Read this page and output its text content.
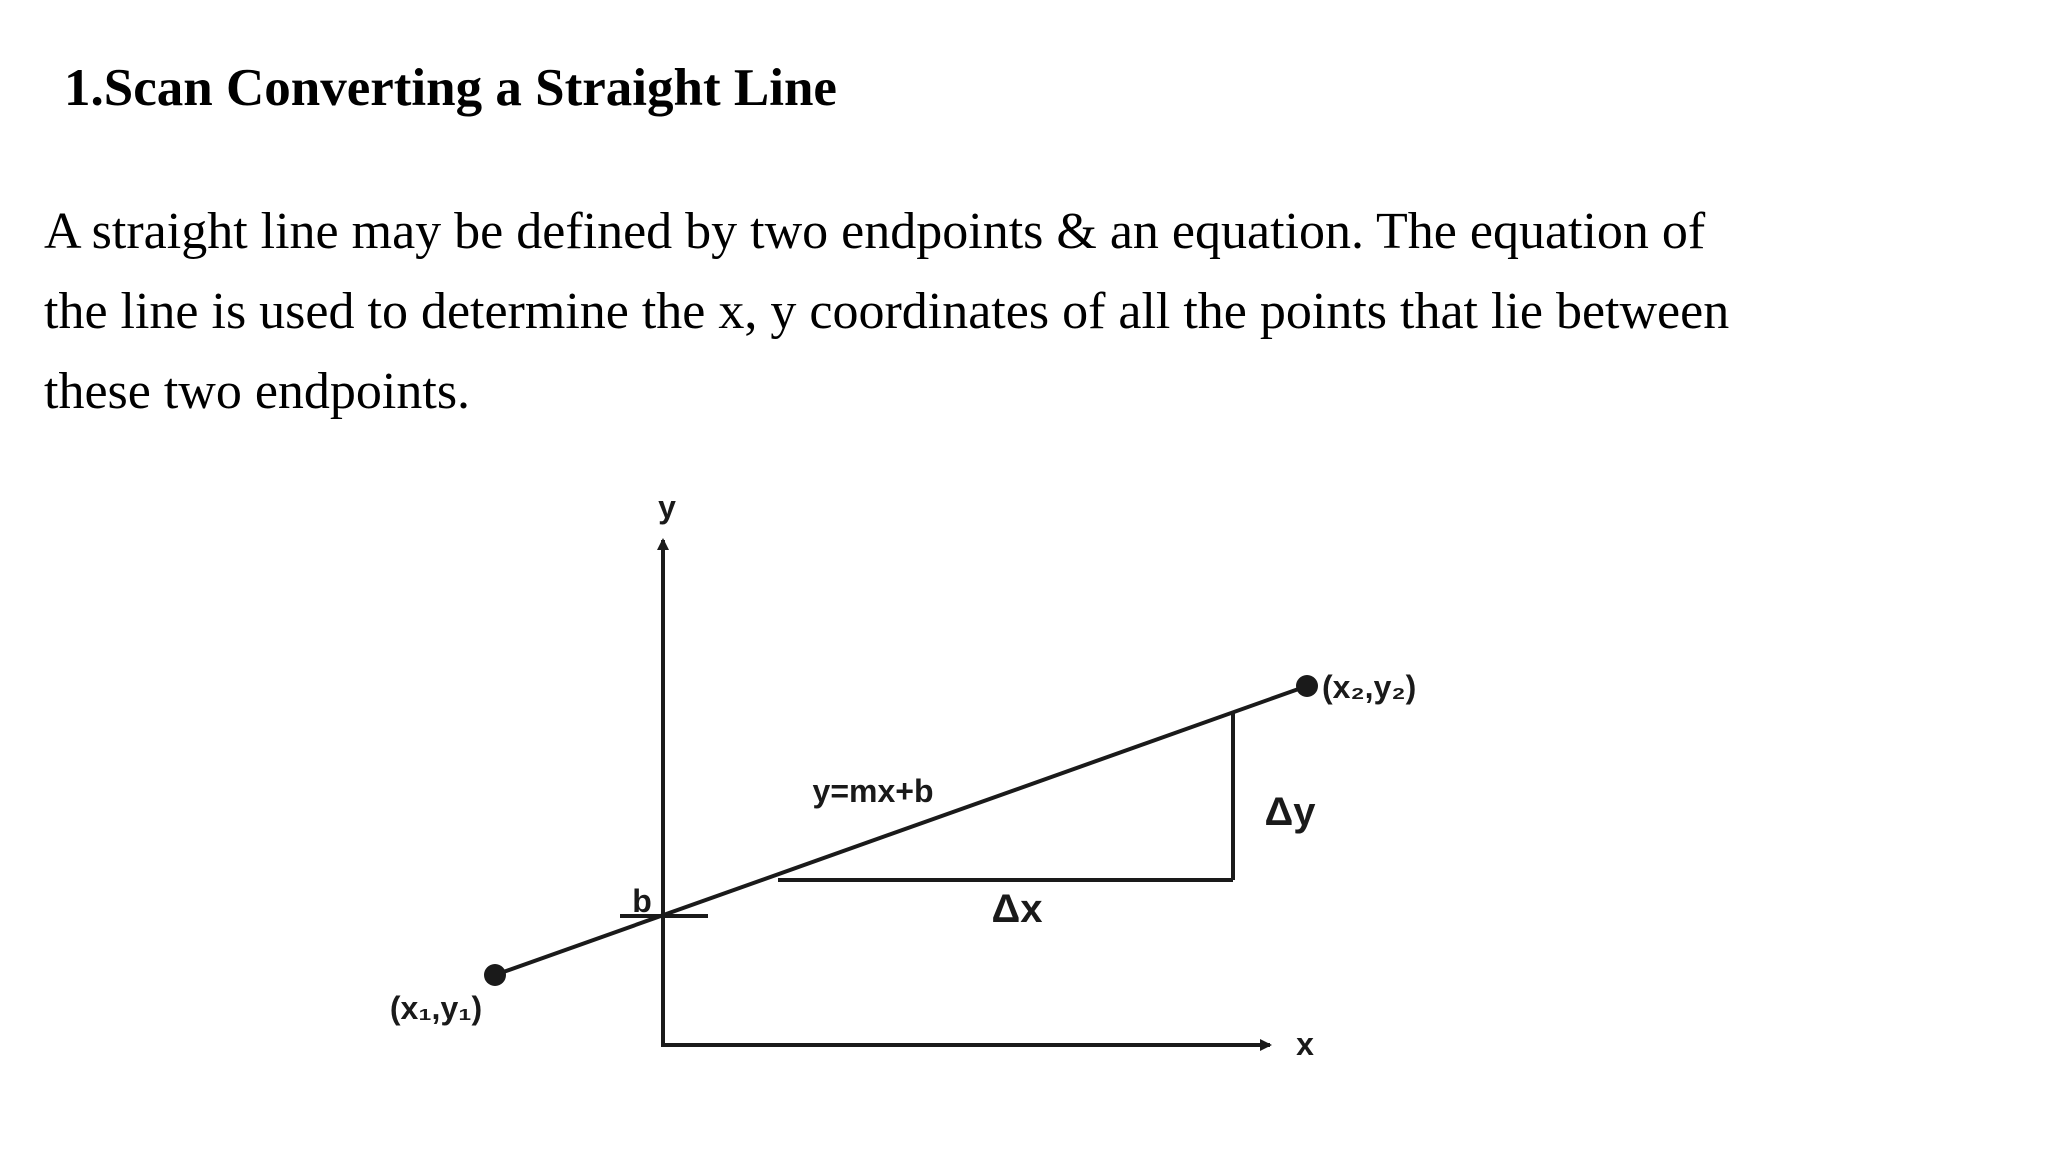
1.Scan Converting a Straight Line

A straight line may be defined by two endpoints & an equation. The equation of
the line is used to determine the x, y coordinates of all the points that lie between
these two endpoints.

y
x
b
y=mx+b
(x₁,y₁)
(x₂,y₂)
Δx
Δy
